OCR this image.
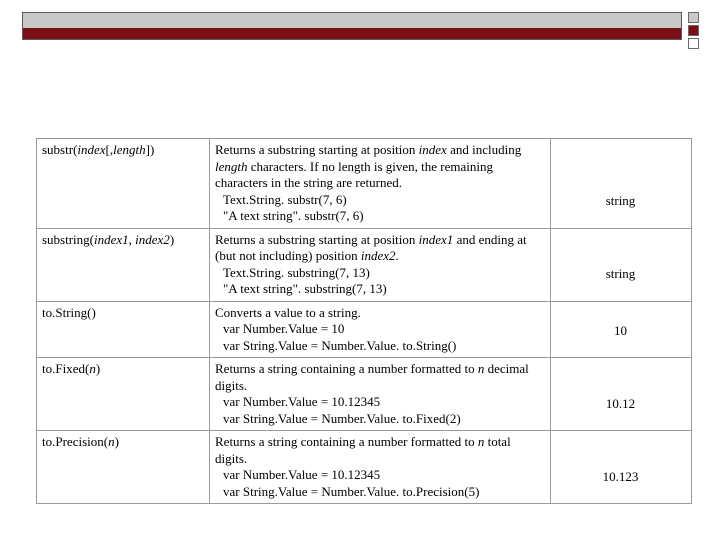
substr(index[,length])	Returns a substring starting at position index and including length characters. If no length is given, the remaining characters in the string are returned.
Text.String. substr(7, 6)
"A text string". substr(7, 6)	string
substring(index1, index2)	Returns a substring starting at position index1 and ending at (but not including) position index2.
Text.String. substring(7, 13)
"A text string". substring(7, 13)	string
to.String()	Converts a value to a string.
var Number.Value = 10
var String.Value = Number.Value. to.String()	10
to.Fixed(n)	Returns a string containing a number formatted to n decimal digits.
var Number.Value = 10.12345
var String.Value = Number.Value. to.Fixed(2)	10.12
to.Precision(n)	Returns a string containing a number formatted to n total digits.
var Number.Value = 10.12345
var String.Value = Number.Value. to.Precision(5)	10.123
